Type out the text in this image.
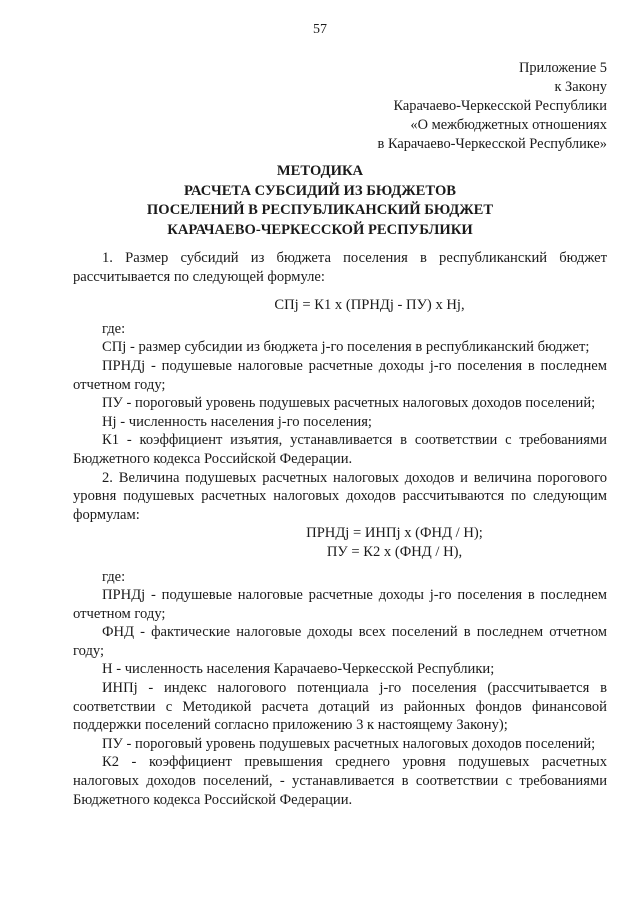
57
Приложение 5
к Закону
Карачаево-Черкесской Республики
«О межбюджетных отношениях
в Карачаево-Черкесской Республике»
МЕТОДИКА
РАСЧЕТА СУБСИДИЙ ИЗ БЮДЖЕТОВ
ПОСЕЛЕНИЙ В РЕСПУБЛИКАНСКИЙ БЮДЖЕТ
КАРАЧАЕВО-ЧЕРКЕССКОЙ РЕСПУБЛИКИ

1. Размер субсидий из бюджета поселения в республиканский бюджет рассчитывается по следующей формуле:

СПj = К1 х (ПРНДj - ПУ) х Нj,

где:

СПj - размер субсидии из бюджета j-го поселения в республиканский бюджет;

ПРНДj - подушевые налоговые расчетные доходы j-го поселения в последнем отчетном году;

ПУ - пороговый уровень подушевых расчетных налоговых доходов поселений;

Нj - численность населения j-го поселения;

К1 - коэффициент изъятия, устанавливается в соответствии с требованиями Бюджетного кодекса Российской Федерации.

2. Величина подушевых расчетных налоговых доходов и величина порогового уровня подушевых расчетных налоговых доходов рассчитываются по следующим формулам:

ПРНДj = ИНПj х (ФНД / Н);

ПУ = К2 х (ФНД / Н),

где:

ПРНДj - подушевые налоговые расчетные доходы j-го поселения в последнем отчетном году;

ФНД - фактические налоговые доходы всех поселений в последнем отчетном году;

Н - численность населения Карачаево-Черкесской Республики;

ИНПj - индекс налогового потенциала j-го поселения (рассчитывается в соответствии с Методикой расчета дотаций из районных фондов финансовой поддержки поселений согласно приложению 3 к настоящему Закону);

ПУ - пороговый уровень подушевых расчетных налоговых доходов поселений;

К2 - коэффициент превышения среднего уровня подушевых расчетных налоговых доходов поселений, - устанавливается в соответствии с требованиями Бюджетного кодекса Российской Федерации.
